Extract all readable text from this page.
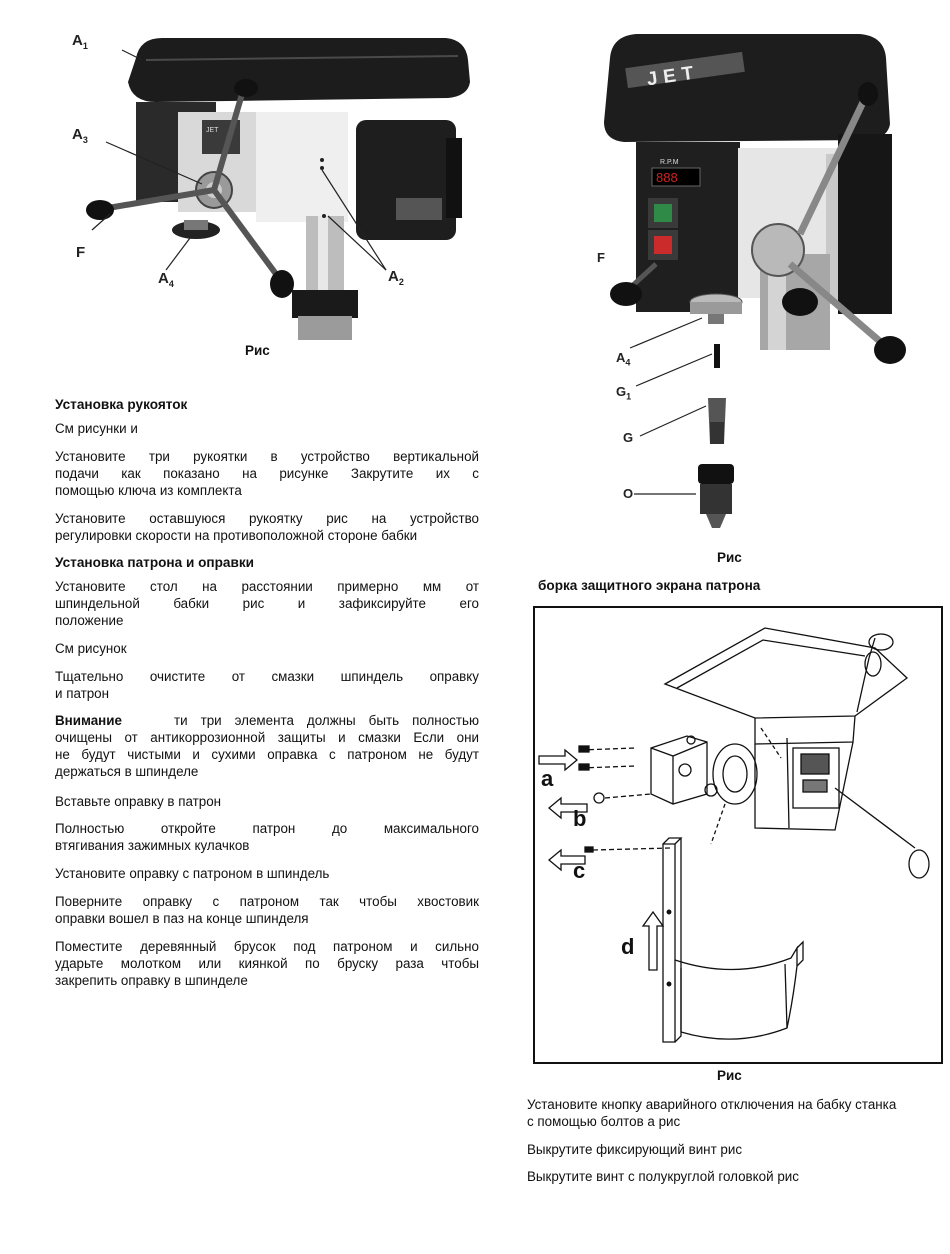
JET
$A_1$
$A_3$
F
$A_4$	$A_2$
Рис
JET
R.P.M
888
F
$A_4$
$G_1$
G
O
Рис
борка защитного экрана патрона
a
b
c
d
Рис
Установка рукояток
См рисунки и
Установите три рукоятки в устройство вертикальной
подачи как показано на рисунке Закрутите их с
помощью ключа из комплекта
Установите оставшуюся рукоятку рис на устройство
регулировки скорости на противоположной стороне бабки
Установка патрона и оправки
Установите стол на расстоянии примерно мм от
шпиндельной бабки рис и зафиксируйте его
положение
См рисунок
Тщательно очистите от смазки шпиндель оправку
и патрон
Внимание	ти три элемента должны быть полностью
очищены от антикоррозионной защиты и смазки Если они
не будут чистыми и сухими оправка с патроном не будут
держаться в шпинделе
Вставьте оправку в патрон
Полностью откройте патрон до максимального
втягивания зажимных кулачков
Установите оправку с патроном в шпиндель
Поверните оправку с патроном так чтобы хвостовик
оправки вошел в паз на конце шпинделя
Поместите деревянный брусок под патроном и сильно
ударьте молотком или киянкой по бруску раза чтобы
закрепить оправку в шпинделе
Установите кнопку аварийного отключения на бабку станка
с помощью болтов а рис
Выкрутите фиксирующий винт рис
Выкрутите винт с полукруглой головкой рис
